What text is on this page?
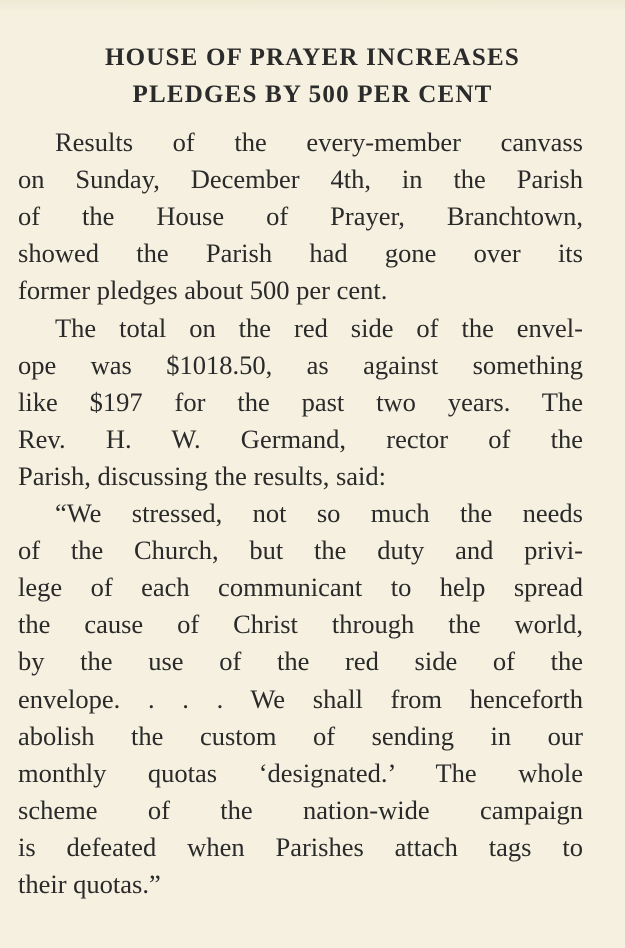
HOUSE OF PRAYER INCREASES
PLEDGES BY 500 PER CENT
Results of the every-member canvass
on Sunday, December 4th, in the Parish
of the House of Prayer, Branchtown,
showed the Parish had gone over its
former pledges about 500 per cent.
The total on the red side of the envel-
ope was $1018.50, as against something
like $197 for the past two years. The
Rev. H. W. Germand, rector of the
Parish, discussing the results, said:
“We stressed, not so much the needs
of the Church, but the duty and privi-
lege of each communicant to help spread
the cause of Christ through the world,
by the use of the red side of the
envelope. . . . We shall from henceforth
abolish the custom of sending in our
monthly quotas ‘designated.’ The whole
scheme of the nation-wide campaign
is defeated when Parishes attach tags to
their quotas.”
